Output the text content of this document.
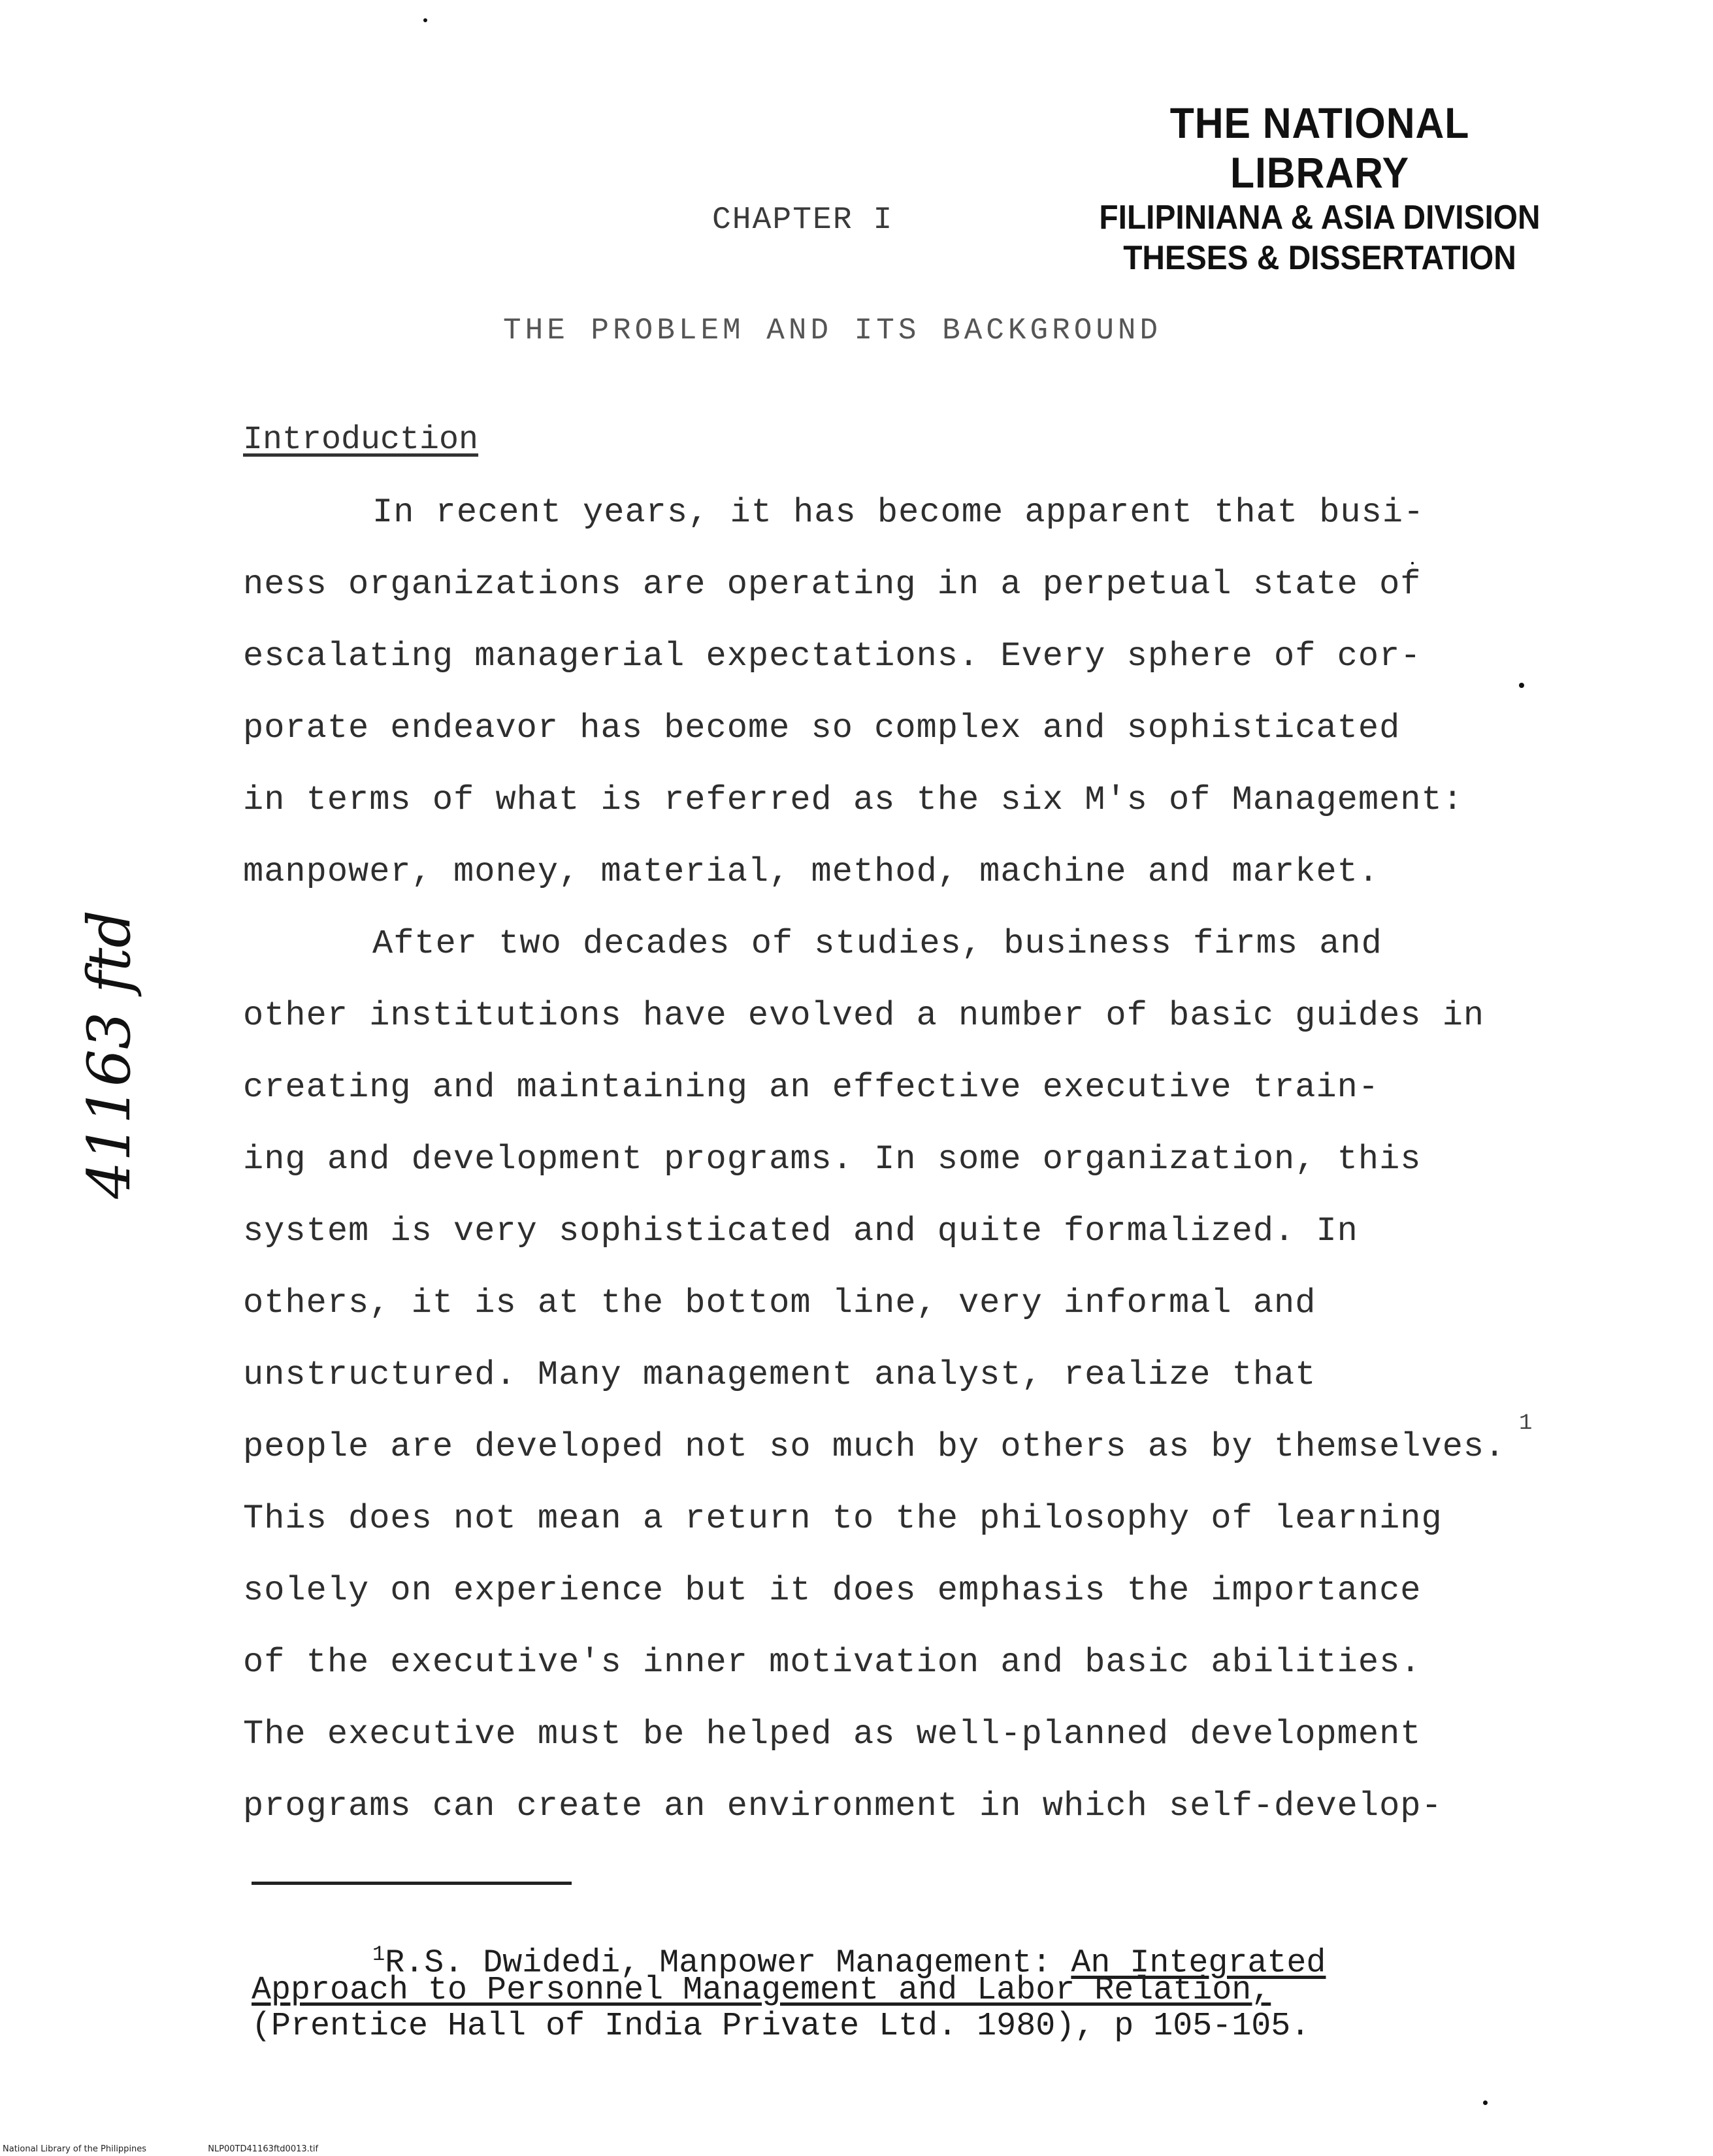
THE NATIONAL LIBRARY
FILIPINIANA & ASIA DIVISION
THESES & DISSERTATION
CHAPTER I
THE PROBLEM AND ITS BACKGROUND
Introduction
In recent years, it has become apparent that busi-
ness organizations are operating in a perpetual state of
escalating managerial expectations. Every sphere of cor-
porate endeavor has become so complex and sophisticated
in terms of what is referred as the six M's of Management:
manpower, money, material, method, machine and market.
After two decades of studies, business firms and
other institutions have evolved a number of basic guides in
creating and maintaining an effective executive train-
ing and development programs. In some organization, this
system is very sophisticated and quite formalized. In
others, it is at the bottom line, very informal and
unstructured. Many management analyst, realize that
people are developed not so much by others as by themselves.
This does not mean a return to the philosophy of learning
solely on experience but it does emphasis the importance
of the executive's inner motivation and basic abilities.
The executive must be helped as well-planned development
programs can create an environment in which self-develop-
1
$^1$R.S. Dwidedi, Manpower Management: An Integrated
Approach to Personnel Management and Labor Relation,
(Prentice Hall of India Private Ltd. 1980), p 105-105.
41163 ftd
National Library of the Philippines	NLP00TD41163ftd0013.tif
